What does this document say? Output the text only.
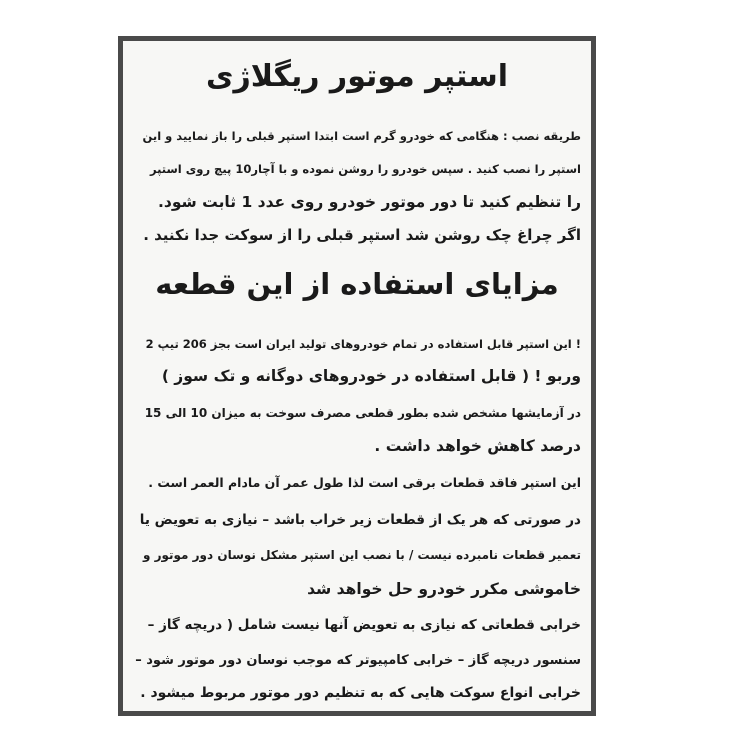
استپر موتور ریگلاژی
طریقه نصب : هنگامی که خودرو گرم است ابتدا استپر قبلی را باز نمایید و این
استپر را نصب کنید . سپس خودرو را روشن نموده و با آچار10 پیچ روی استپر
را تنظیم کنید تا دور موتور خودرو روی عدد 1 ثابت شود.
اگر چراغ چک روشن شد استپر قبلی را از سوکت جدا نکنید .
مزایای استفاده از این قطعه
! این استپر قابل استفاده در تمام خودروهای تولید ایران است بجز 206 تیپ 2
وربو ! ( قابل استفاده در خودروهای دوگانه و تک سوز )
در آزمایشها مشخص شده بطور قطعی مصرف سوخت به میزان 10 الی 15
درصد کاهش خواهد داشت .
این استپر فاقد قطعات برقی است لذا طول عمر آن مادام العمر است .
در صورتی که هر یک از قطعات زیر خراب باشد – نیازی به تعویض یا
تعمیر قطعات نامبرده نیست / با نصب این استپر مشکل نوسان دور موتور و
خاموشی مکرر خودرو حل خواهد شد
خرابی قطعاتی که نیازی به تعویض آنها نیست شامل ( دریچه گاز –
سنسور دریچه گاز – خرابی کامپیوتر که موجب نوسان دور موتور شود –
خرابی انواع سوکت هایی که به تنظیم دور موتور مربوط میشود .
